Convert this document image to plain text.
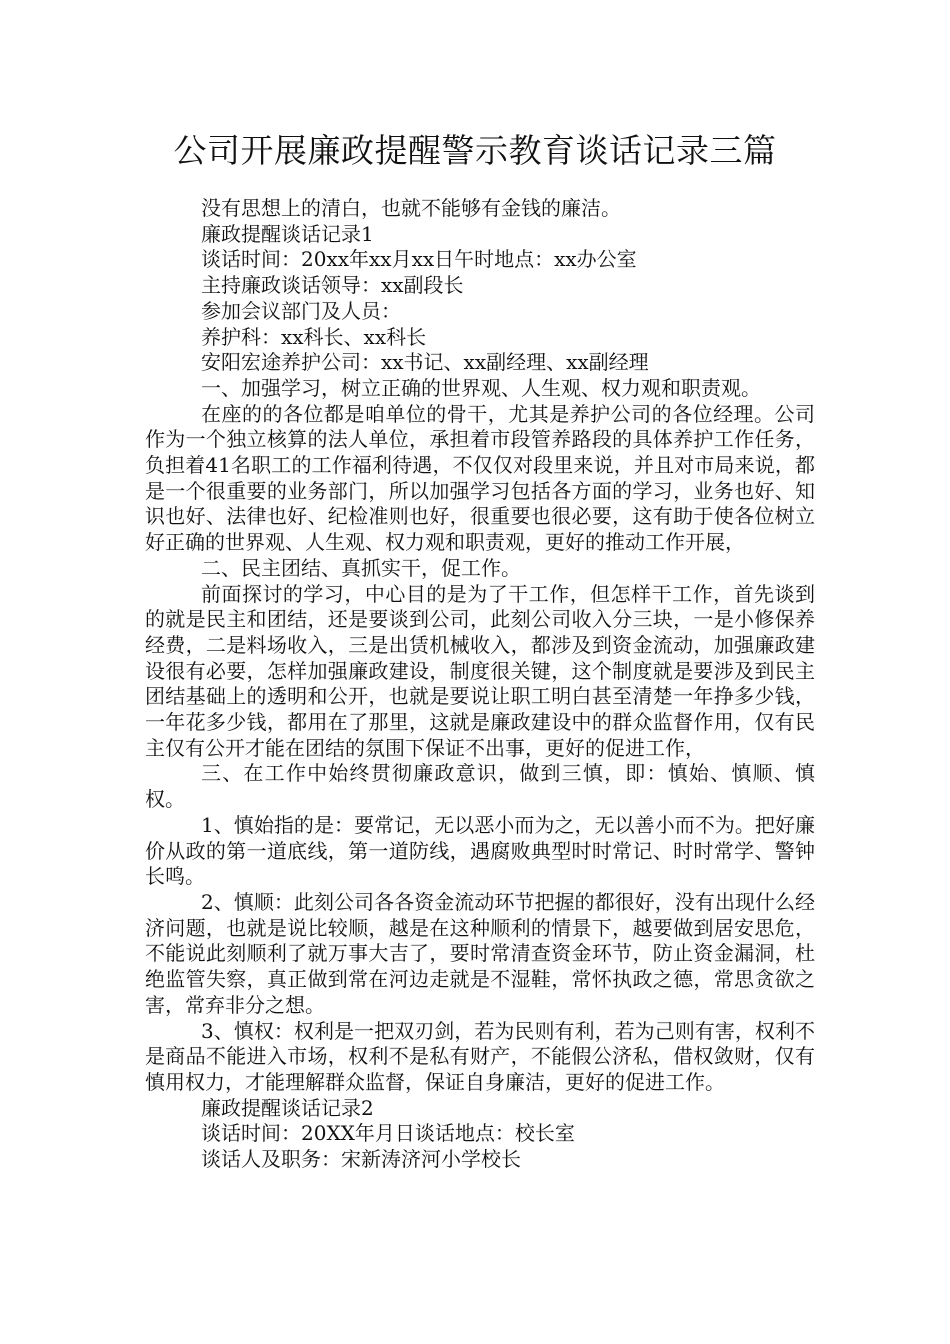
公司开展廉政提醒警示教育谈话记录三篇

没有思想上的清白，也就不能够有金钱的廉洁。

廉政提醒谈话记录1

谈话时间：20xx年xx月xx日午时地点：xx办公室

主持廉政谈话领导：xx副段长

参加会议部门及人员：

养护科：xx科长、xx科长

安阳宏途养护公司：xx书记、xx副经理、xx副经理

一、加强学习，树立正确的世界观、人生观、权力观和职责观。

在座的的各位都是咱单位的骨干，尤其是养护公司的各位经理。公司作为一个独立核算的法人单位，承担着市段管养路段的具体养护工作任务，负担着41名职工的工作福利待遇，不仅仅对段里来说，并且对市局来说，都是一个很重要的业务部门，所以加强学习包括各方面的学习，业务也好、知识也好、法律也好、纪检准则也好，很重要也很必要，这有助于使各位树立好正确的世界观、人生观、权力观和职责观，更好的推动工作开展，

二、民主团结、真抓实干，促工作。

前面探讨的学习，中心目的是为了干工作，但怎样干工作，首先谈到的就是民主和团结，还是要谈到公司，此刻公司收入分三块，一是小修保养经费，二是料场收入，三是出赁机械收入，都涉及到资金流动，加强廉政建设很有必要，怎样加强廉政建设，制度很关键，这个制度就是要涉及到民主团结基础上的透明和公开，也就是要说让职工明白甚至清楚一年挣多少钱，一年花多少钱，都用在了那里，这就是廉政建设中的群众监督作用，仅有民主仅有公开才能在团结的氛围下保证不出事，更好的促进工作，

三、在工作中始终贯彻廉政意识，做到三慎，即：慎始、慎顺、慎权。

1、慎始指的是：要常记，无以恶小而为之，无以善小而不为。把好廉价从政的第一道底线，第一道防线，遇腐败典型时时常记、时时常学、警钟长鸣。

2、慎顺：此刻公司各各资金流动环节把握的都很好，没有出现什么经济问题，也就是说比较顺，越是在这种顺利的情景下，越要做到居安思危，不能说此刻顺利了就万事大吉了，要时常清查资金环节，防止资金漏洞，杜绝监管失察，真正做到常在河边走就是不湿鞋，常怀执政之德，常思贪欲之害，常弃非分之想。

3、慎权：权利是一把双刃剑，若为民则有利，若为己则有害，权利不是商品不能进入市场，权利不是私有财产，不能假公济私，借权敛财，仅有慎用权力，才能理解群众监督，保证自身廉洁，更好的促进工作。

廉政提醒谈话记录2

谈话时间：20XX年月日谈话地点：校长室

谈话人及职务：宋新涛济河小学校长
